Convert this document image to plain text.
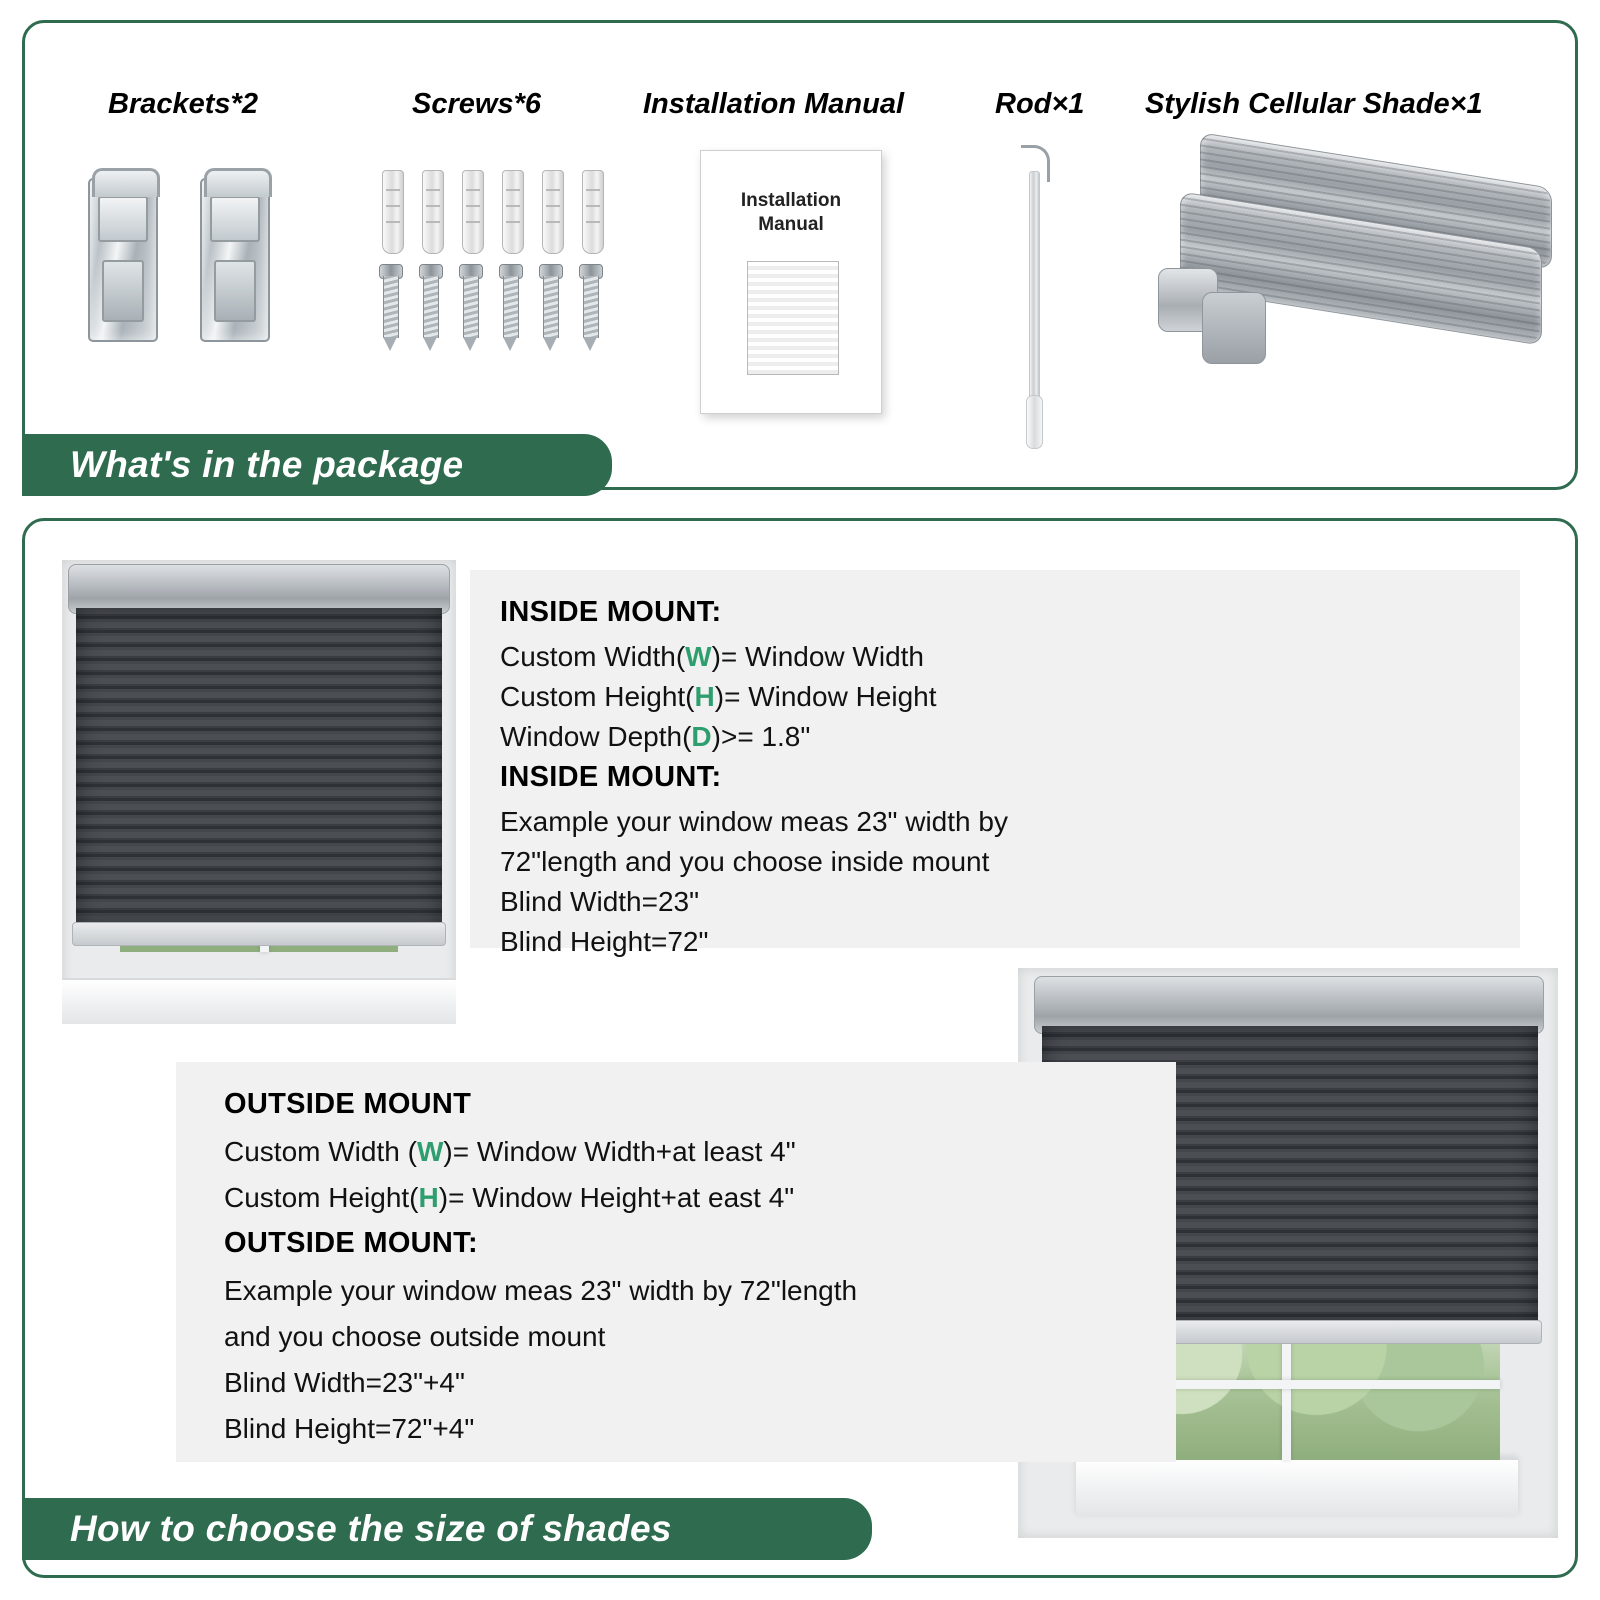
Brackets*2	Screws*6	Installation Manual	Rod×1 Stylish Cellular Shade×1
Installation
Manual
What's in the package
INSIDE MOUNT:
Custom Width(W)= Window Width
Custom Height(H)= Window Height
Window Depth(D)>= 1.8"
INSIDE MOUNT:
Example your window meas 23" width by
72"length and you choose inside mount
Blind Width=23"
Blind Height=72"
OUTSIDE MOUNT
Custom Width (W)= Window Width+at least 4"
Custom Height(H)= Window Height+at east 4"
OUTSIDE MOUNT:
Example your window meas 23" width by 72"length
and you choose outside mount
Blind Width=23"+4"
Blind Height=72"+4"
How to choose the size of shades
